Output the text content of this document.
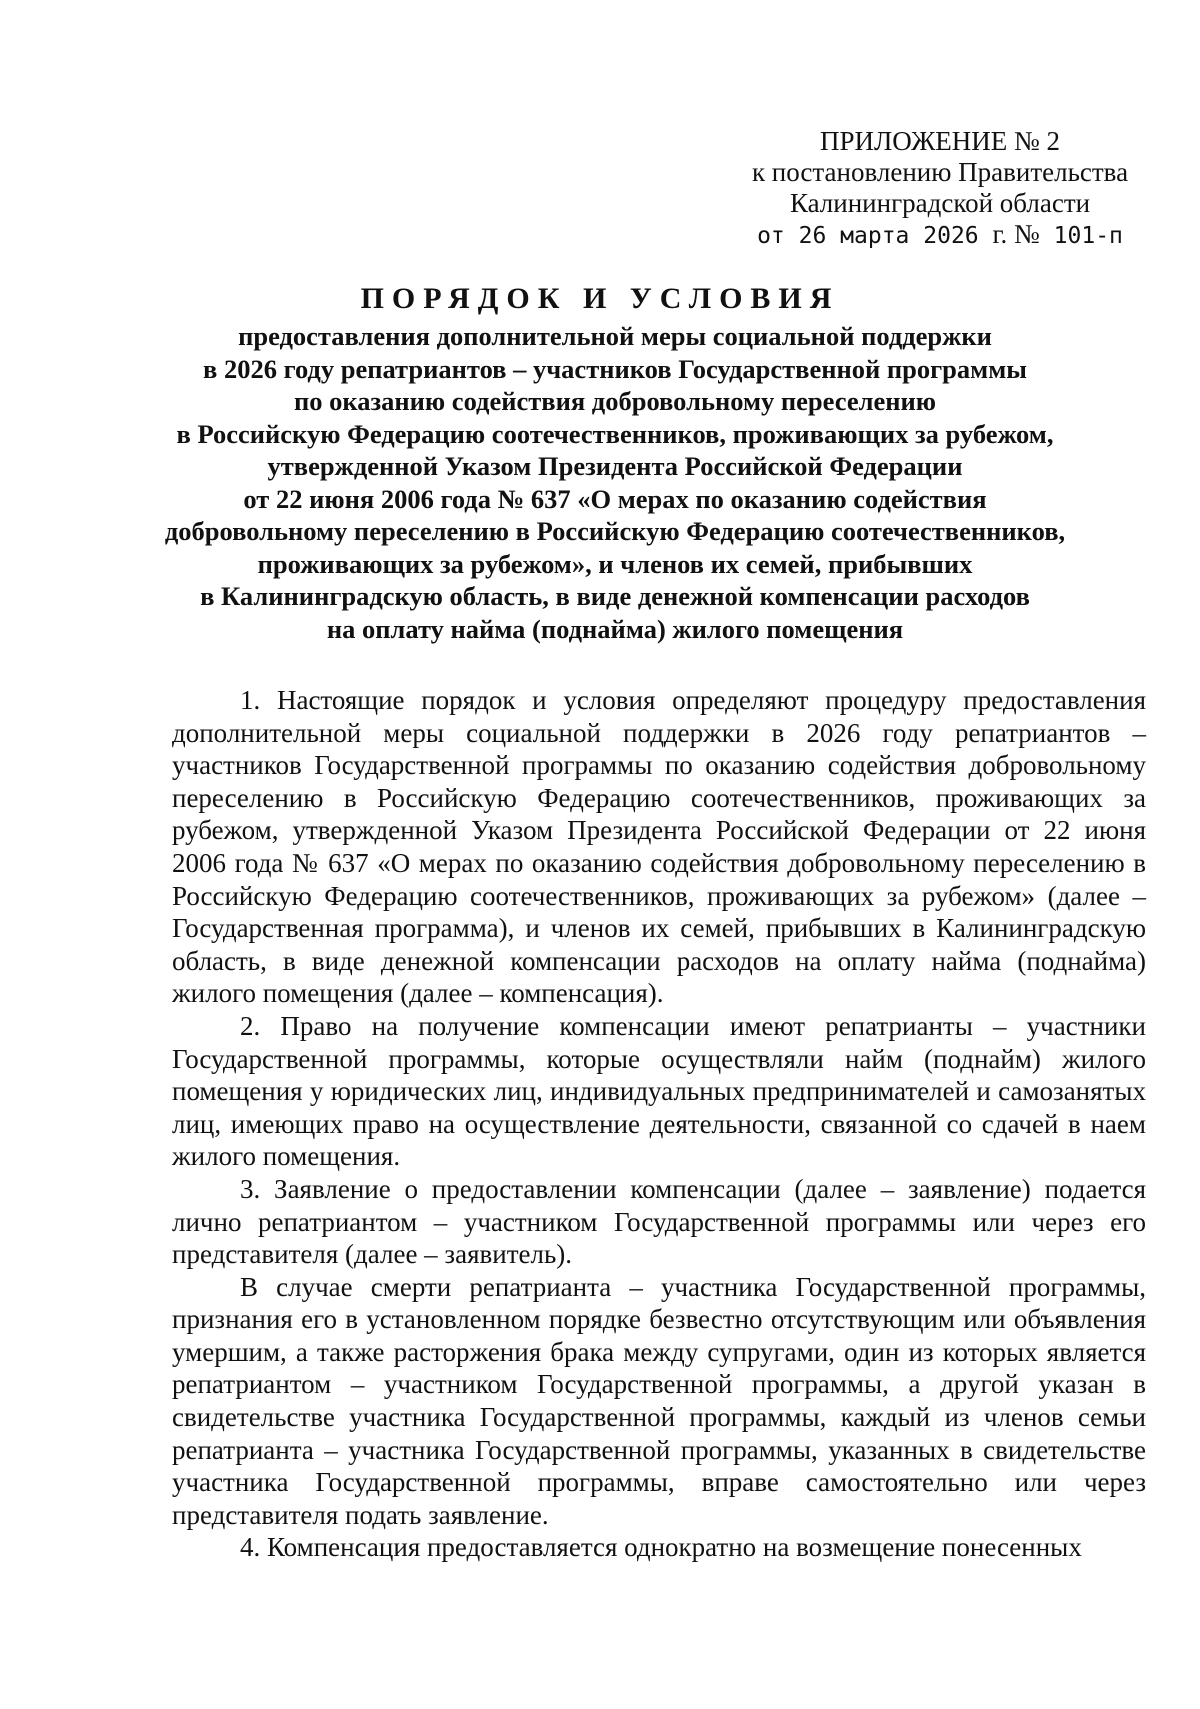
ПРИЛОЖЕНИЕ № 2
к постановлению Правительства
Калининградской области
от 26 марта 2026 г. № 101-п
ПОРЯДОК И УСЛОВИЯ
предоставления дополнительной меры социальной поддержки
в 2026 году репатриантов – участников Государственной программы
по оказанию содействия добровольному переселению
в Российскую Федерацию соотечественников, проживающих за рубежом,
утвержденной Указом Президента Российской Федерации
от 22 июня 2006 года № 637 «О мерах по оказанию содействия
добровольному переселению в Российскую Федерацию соотечественников,
проживающих за рубежом», и членов их семей, прибывших
в Калининградскую область, в виде денежной компенсации расходов
на оплату найма (поднайма) жилого помещения

1. Настоящие порядок и условия определяют процедуру предоставления дополнительной меры социальной поддержки в 2026 году репатриантов – участников Государственной программы по оказанию содействия добровольному переселению в Российскую Федерацию соотечественников, проживающих за рубежом, утвержденной Указом Президента Российской Федерации от 22 июня 2006 года № 637 «О мерах по оказанию содействия добровольному переселению в Российскую Федерацию соотечественников, проживающих за рубежом» (далее – Государственная программа), и членов их семей, прибывших в Калининградскую область, в виде денежной компенсации расходов на оплату найма (поднайма) жилого помещения (далее – компенсация).

2. Право на получение компенсации имеют репатрианты – участники Государственной программы, которые осуществляли найм (поднайм) жилого помещения у юридических лиц, индивидуальных предпринимателей и самозанятых лиц, имеющих право на осуществление деятельности, связанной со сдачей в наем жилого помещения.

3. Заявление о предоставлении компенсации (далее – заявление) подается лично репатриантом – участником Государственной программы или через его представителя (далее – заявитель).

В случае смерти репатрианта – участника Государственной программы, признания его в установленном порядке безвестно отсутствующим или объявления умершим, а также расторжения брака между супругами, один из которых является репатриантом – участником Государственной программы, а другой указан в свидетельстве участника Государственной программы, каждый из членов семьи репатрианта – участника Государственной программы, указанных в свидетельстве участника Государственной программы, вправе самостоятельно или через представителя подать заявление.

4. Компенсация предоставляется однократно на возмещение понесенных
